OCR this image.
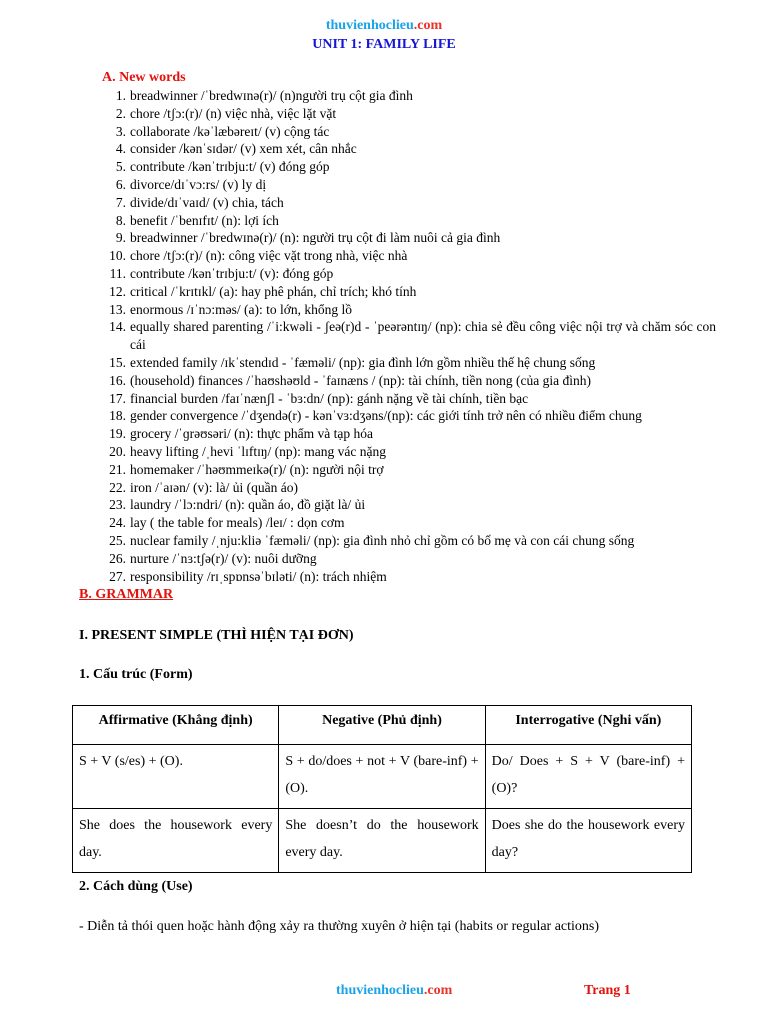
thuvienhoclieu.com
UNIT 1: FAMILY LIFE
A. New words
1. breadwinner /ˈbredwɪnə(r)/ (n)người trụ cột gia đình
2. chore /tʃɔ:(r)/ (n) việc nhà, việc lặt vặt
3. collaborate /kəˈlæbəreɪt/ (v) cộng tác
4. consider /kənˈsɪdər/ (v) xem xét, cân nhắc
5. contribute /kənˈtrɪbju:t/ (v) đóng góp
6. divorce/dɪˈvɔ:rs/ (v) ly dị
7. divide/dɪˈvaɪd/ (v) chia, tách
8. benefit /ˈbenɪfɪt/ (n): lợi ích
9. breadwinner /ˈbredwɪnə(r)/ (n): người trụ cột đi làm nuôi cả gia đình
10. chore /tʃɔ:(r)/ (n): công việc vặt trong nhà, việc nhà
11. contribute /kənˈtrɪbju:t/ (v): đóng góp
12. critical /ˈkrɪtɪkl/ (a): hay phê phán, chỉ trích; khó tính
13. enormous /ɪˈnɔ:məs/ (a): to lớn, khổng lồ
14. equally shared parenting /ˈi:kwəli - ʃeə(r)d - ˈpeərəntɪŋ/ (np): chia sẻ đều công việc nội trợ và chăm sóc con cái
15. extended family /ɪkˈstendɪd - ˈfæməli/ (np): gia đình lớn gồm nhiều thế hệ chung sống
16. (household) finances /ˈhaʊshəʊld - ˈfaɪnæns / (np): tài chính, tiền nong (của gia đình)
17. financial burden /faɪˈnænʃl - ˈbɜ:dn/ (np): gánh nặng về tài chính, tiền bạc
18. gender convergence /ˈdʒendə(r) - kənˈvɜ:dʒəns/(np): các giới tính trở nên có nhiều điểm chung
19. grocery /ˈɡrəʊsəri/ (n): thực phẩm và tạp hóa
20. heavy lifting /ˌhevi ˈlɪftɪŋ/ (np): mang vác nặng
21. homemaker /ˈhəʊmmeɪkə(r)/ (n): người nội trợ
22. iron /ˈaɪən/ (v): là/ ủi (quần áo)
23. laundry /ˈlɔ:ndri/ (n): quần áo, đồ giặt là/ ủi
24. lay ( the table for meals) /leɪ/ : dọn cơm
25. nuclear family /ˌnju:kliə ˈfæməli/ (np): gia đình nhỏ chỉ gồm có bố mẹ và con cái chung sống
26. nurture /ˈnɜ:tʃə(r)/ (v): nuôi dưỡng
27. responsibility /rɪˌspɒnsəˈbɪləti/ (n): trách nhiệm
B. GRAMMAR
I. PRESENT SIMPLE (THÌ HIỆN TẠI ĐƠN)
1. Cấu trúc (Form)
Affirmative (Khẳng định)	Negative (Phủ định)	Interrogative (Nghi vấn)
S + V (s/es) + (O).	S + do/does + not + V (bare-inf) + (O).	Do/ Does + S + V (bare-inf) + (O)?
She does the housework every day.	She doesn’t do the housework every day.	Does she do the housework every day?
2. Cách dùng (Use)
- Diễn tả thói quen hoặc hành động xảy ra thường xuyên ở hiện tại (habits or regular actions)
thuvienhoclieu.com	Trang 1
